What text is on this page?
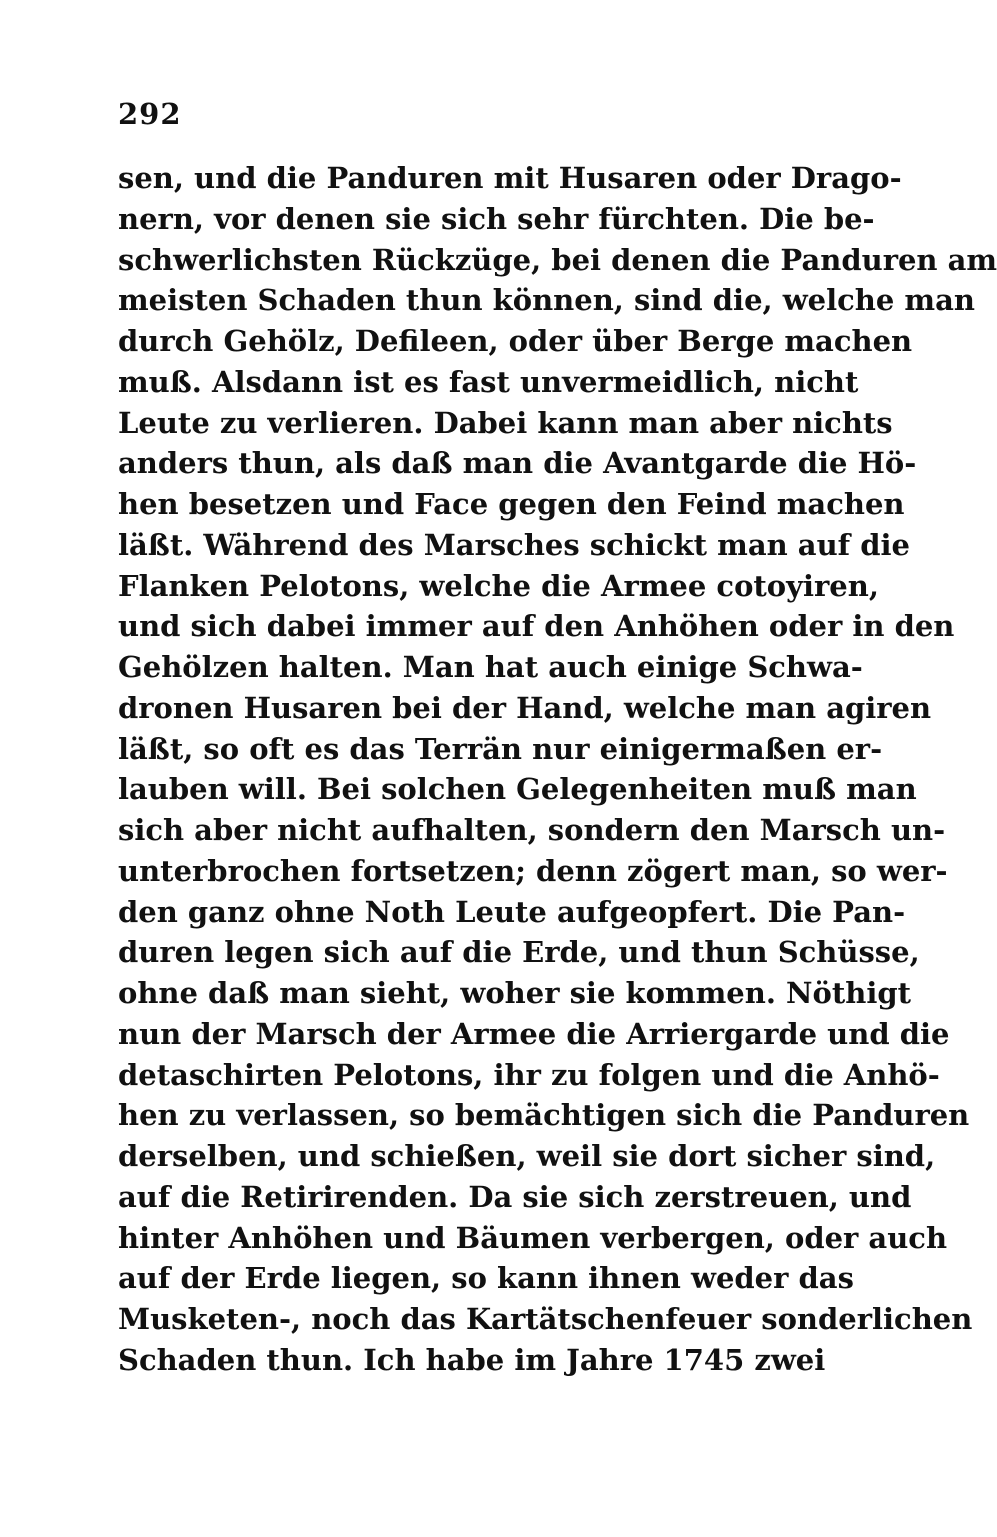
292
sen, und die Panduren mit Husaren oder Drago-
nern, vor denen sie sich sehr fürchten. Die be-
schwerlichsten Rückzüge, bei denen die Panduren am
meisten Schaden thun können, sind die, welche man
durch Gehölz, Defileen, oder über Berge machen
muß. Alsdann ist es fast unvermeidlich, nicht
Leute zu verlieren. Dabei kann man aber nichts
anders thun, als daß man die Avantgarde die Hö-
hen besetzen und Face gegen den Feind machen
läßt. Während des Marsches schickt man auf die
Flanken Pelotons, welche die Armee cotoyiren,
und sich dabei immer auf den Anhöhen oder in den
Gehölzen halten. Man hat auch einige Schwa-
dronen Husaren bei der Hand, welche man agiren
läßt, so oft es das Terrän nur einigermaßen er-
lauben will. Bei solchen Gelegenheiten muß man
sich aber nicht aufhalten, sondern den Marsch un-
unterbrochen fortsetzen; denn zögert man, so wer-
den ganz ohne Noth Leute aufgeopfert. Die Pan-
duren legen sich auf die Erde, und thun Schüsse,
ohne daß man sieht, woher sie kommen. Nöthigt
nun der Marsch der Armee die Arriergarde und die
detaschirten Pelotons, ihr zu folgen und die Anhö-
hen zu verlassen, so bemächtigen sich die Panduren
derselben, und schießen, weil sie dort sicher sind,
auf die Retirirenden. Da sie sich zerstreuen, und
hinter Anhöhen und Bäumen verbergen, oder auch
auf der Erde liegen, so kann ihnen weder das
Musketen-, noch das Kartätschenfeuer sonderlichen
Schaden thun. Ich habe im Jahre 1745 zwei
